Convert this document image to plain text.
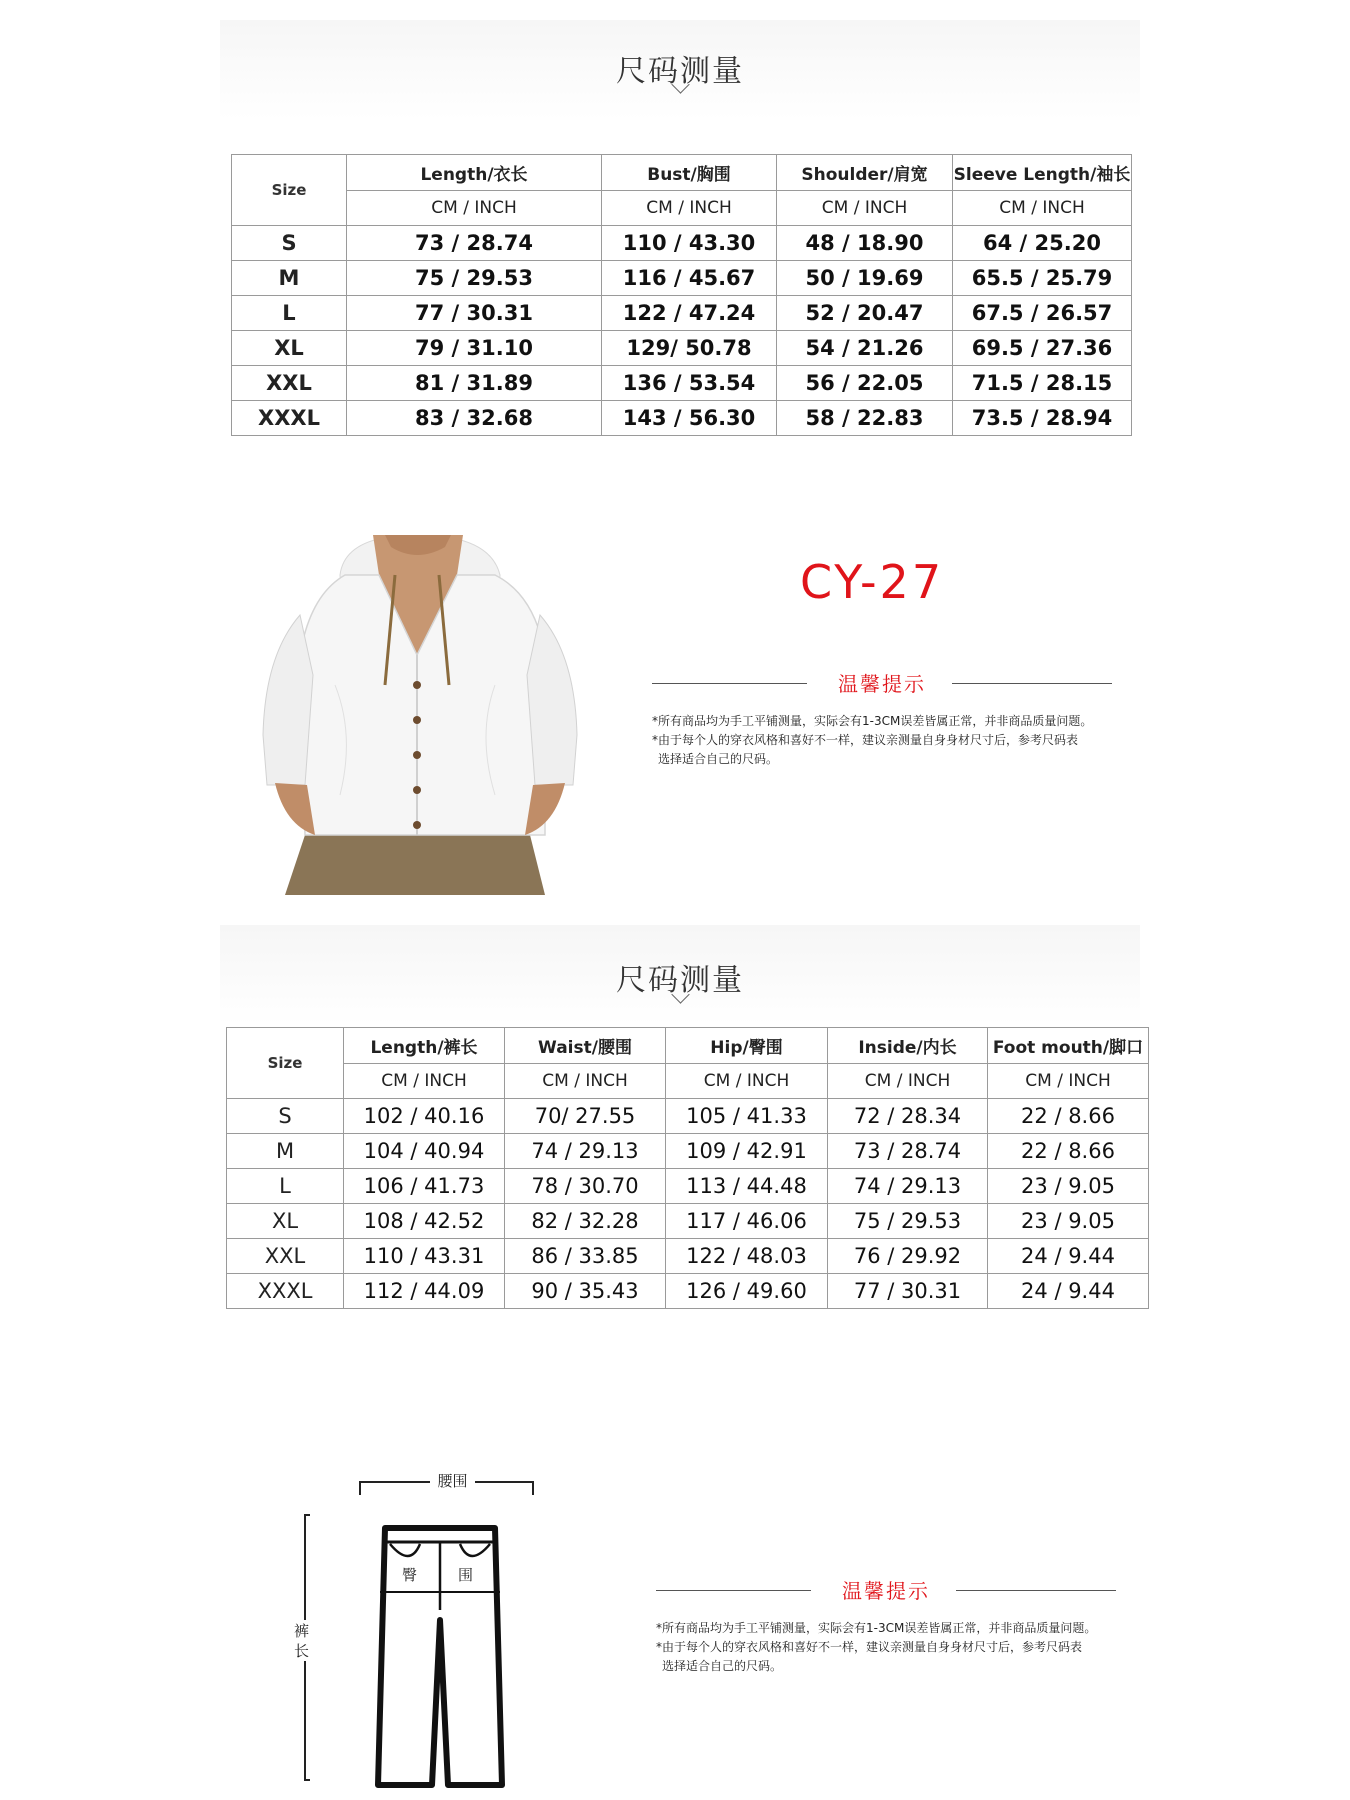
尺码测量
Size	Length/衣长	Bust/胸围	Shoulder/肩宽	Sleeve Length/袖长
	CM / INCH	CM / INCH	CM / INCH	CM / INCH
S	73 / 28.74	110 / 43.30	48 / 18.90	64 / 25.20
M	75 / 29.53	116 / 45.67	50 / 19.69	65.5 / 25.79
L	77 / 30.31	122 / 47.24	52 / 20.47	67.5 / 26.57
XL	79 / 31.10	129/ 50.78	54 / 21.26	69.5 / 27.36
XXL	81 / 31.89	136 / 53.54	56 / 22.05	71.5 / 28.15
XXXL	83 / 32.68	143 / 56.30	58 / 22.83	73.5 / 28.94
CY-27
温馨提示
*所有商品均为手工平铺测量，实际会有1-3CM误差皆属正常，并非商品质量问题。
*由于每个人的穿衣风格和喜好不一样，建议亲测量自身身材尺寸后，参考尺码表
选择适合自己的尺码。
尺码测量
Size	Length/裤长	Waist/腰围	Hip/臀围	Inside/内长	Foot mouth/脚口
	CM / INCH	CM / INCH	CM / INCH	CM / INCH	CM / INCH
S	102 / 40.16	70/ 27.55	105 / 41.33	72 / 28.34	22 / 8.66
M	104 / 40.94	74 / 29.13	109 / 42.91	73 / 28.74	22 / 8.66
L	106 / 41.73	78 / 30.70	113 / 44.48	74 / 29.13	23 / 9.05
XL	108 / 42.52	82 / 32.28	117 / 46.06	75 / 29.53	23 / 9.05
XXL	110 / 43.31	86 / 33.85	122 / 48.03	76 / 29.92	24 / 9.44
XXXL	112 / 44.09	90 / 35.43	126 / 49.60	77 / 30.31	24 / 9.44
腰围
臀	围
裤
长
温馨提示
*所有商品均为手工平铺测量，实际会有1-3CM误差皆属正常，并非商品质量问题。
*由于每个人的穿衣风格和喜好不一样，建议亲测量自身身材尺寸后，参考尺码表
选择适合自己的尺码。
